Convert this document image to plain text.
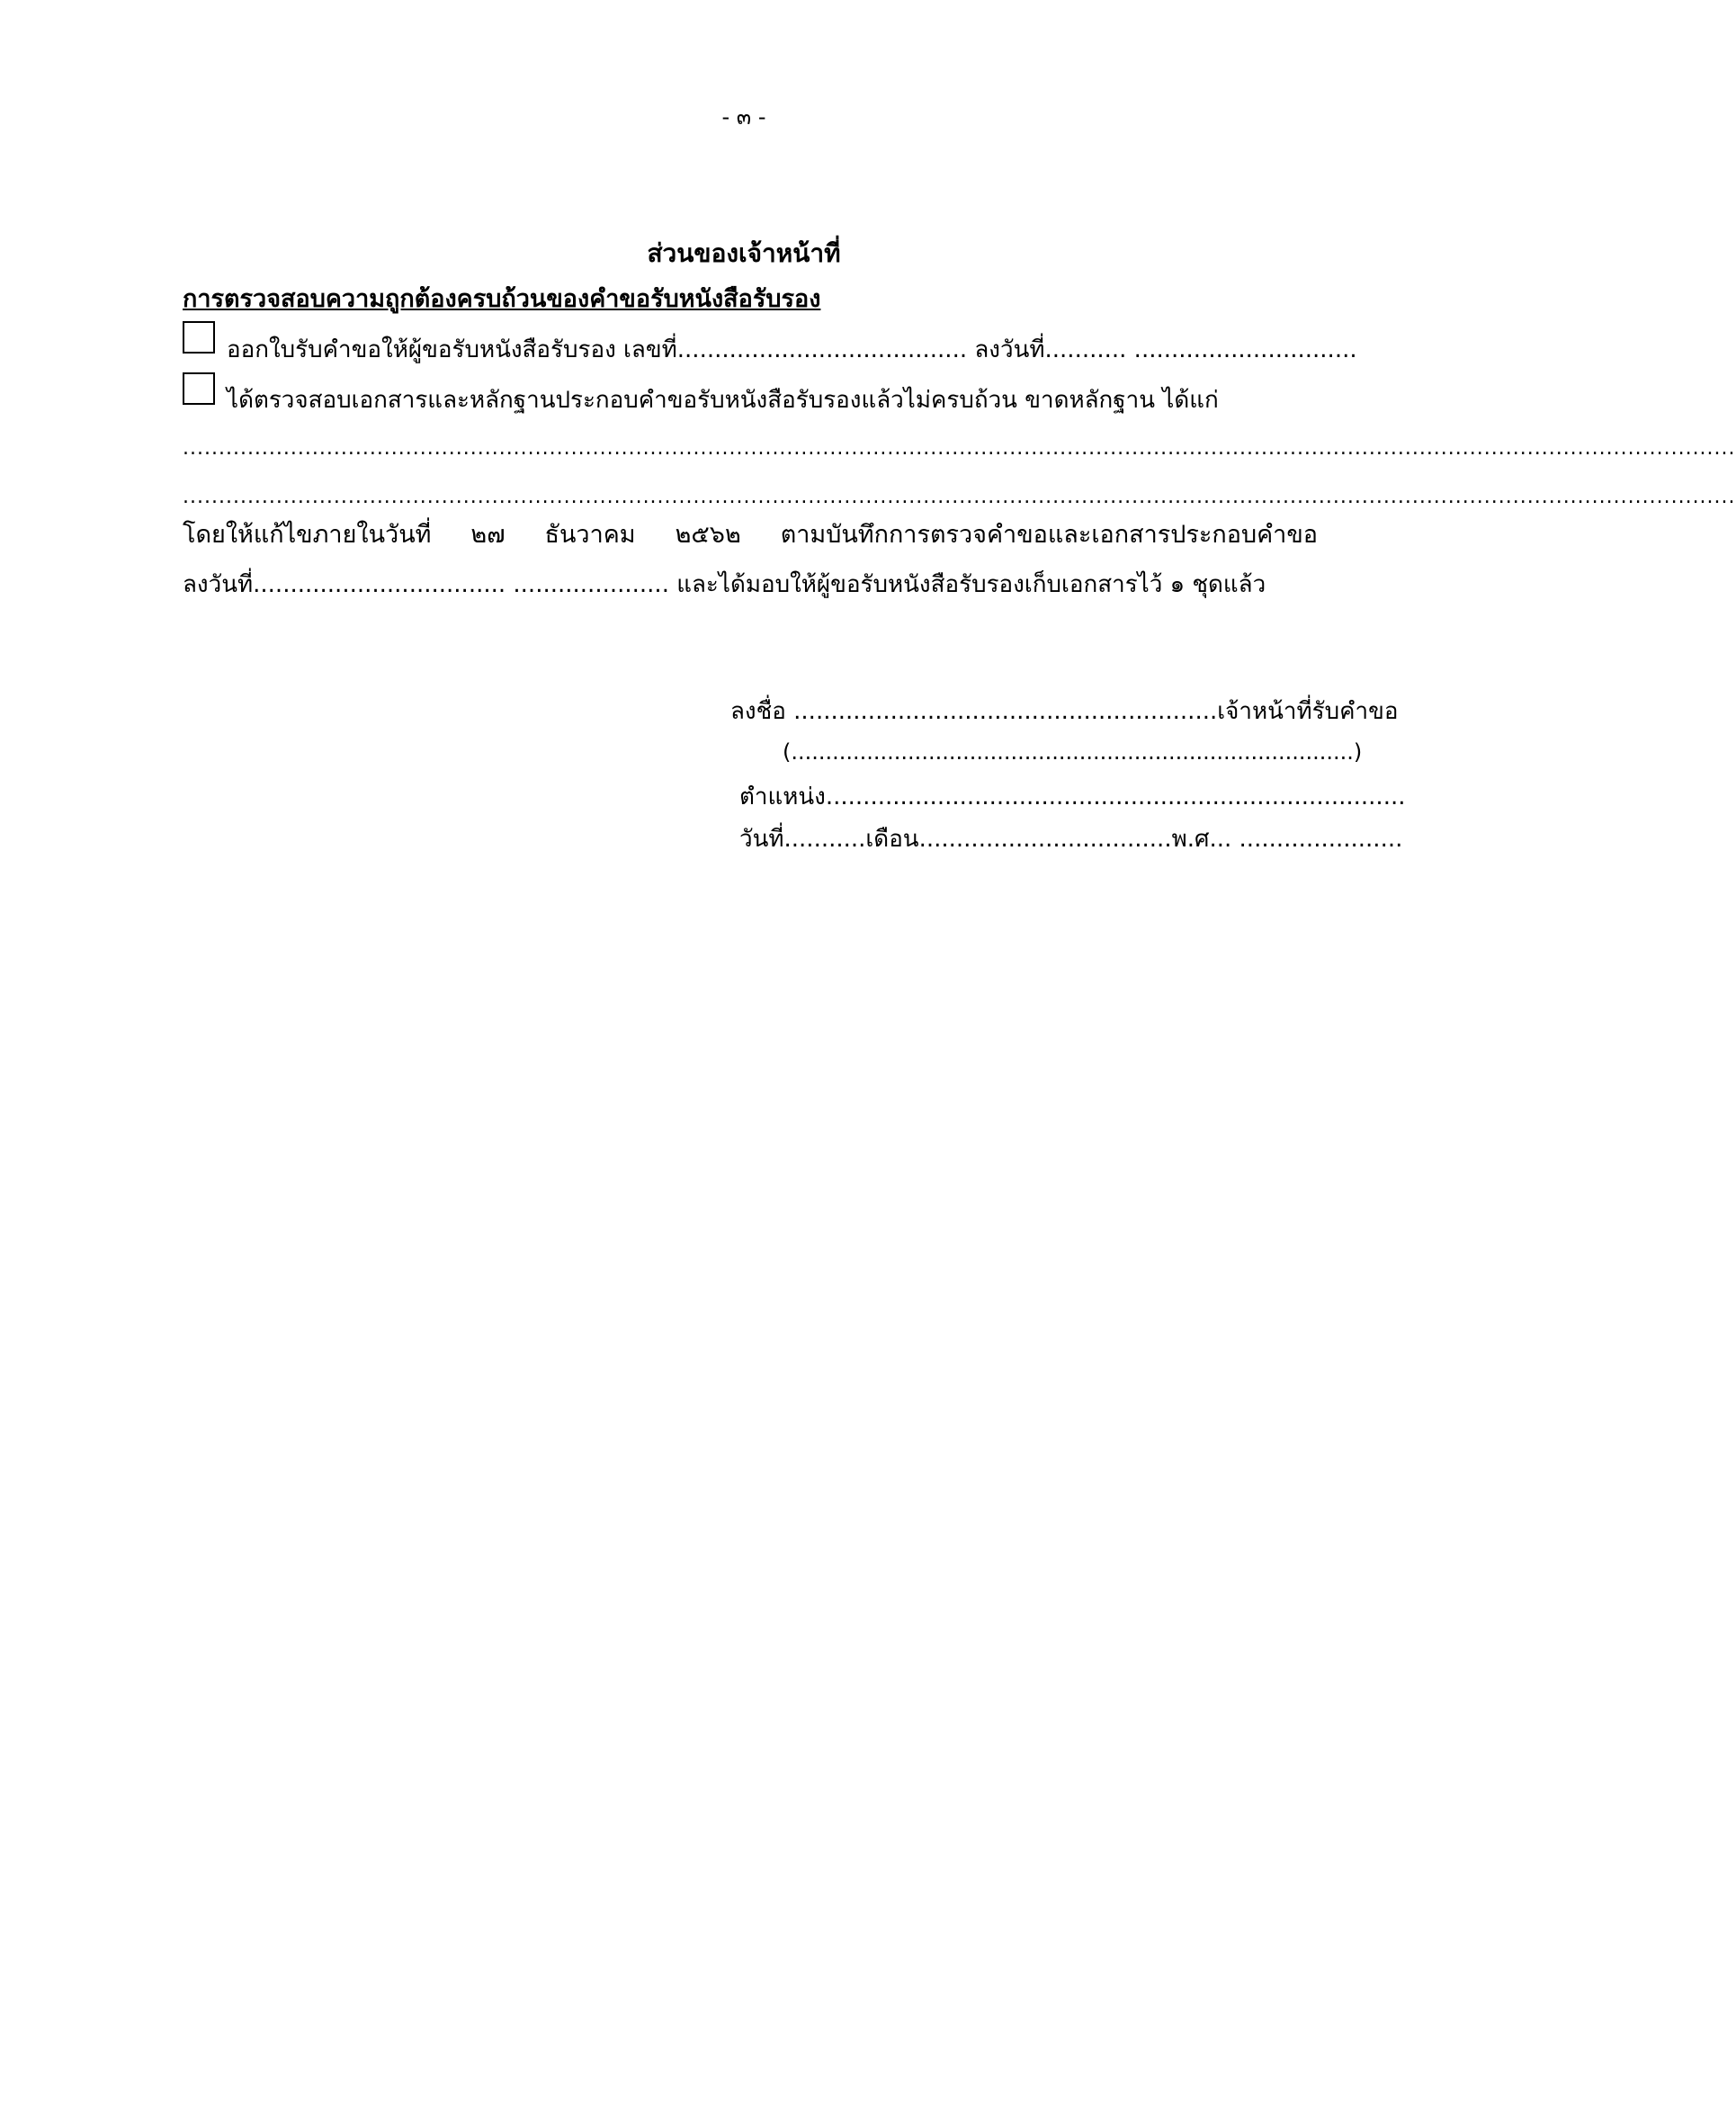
- ๓ -
ส่วนของเจ้าหน้าที่
การตรวจสอบความถูกต้องครบถ้วนของคำขอรับหนังสือรับรอง
ออกใบรับคำขอให้ผู้ขอรับหนังสือรับรอง เลขที่....................................... ลงวันที่........... ..............................
ได้ตรวจสอบเอกสารและหลักฐานประกอบคำขอรับหนังสือรับรองแล้วไม่ครบถ้วน ขาดหลักฐาน ได้แก่
........................................................................................................................................................................................................................
........................................................................................................................................................................................................................
โดยให้แก้ไขภายในวันที่ ๒๗ ธันวาคม ๒๕๖๒ ตามบันทึกการตรวจคำขอและเอกสารประกอบคำขอ
ลงวันที่.................................. ..................... และได้มอบให้ผู้ขอรับหนังสือรับรองเก็บเอกสารไว้ ๑ ชุดแล้ว
ลงชื่อ .........................................................เจ้าหน้าที่รับคำขอ
(..................................................................................)
ตำแหน่ง..............................................................................
วันที่...........เดือน..................................พ.ศ... ......................
